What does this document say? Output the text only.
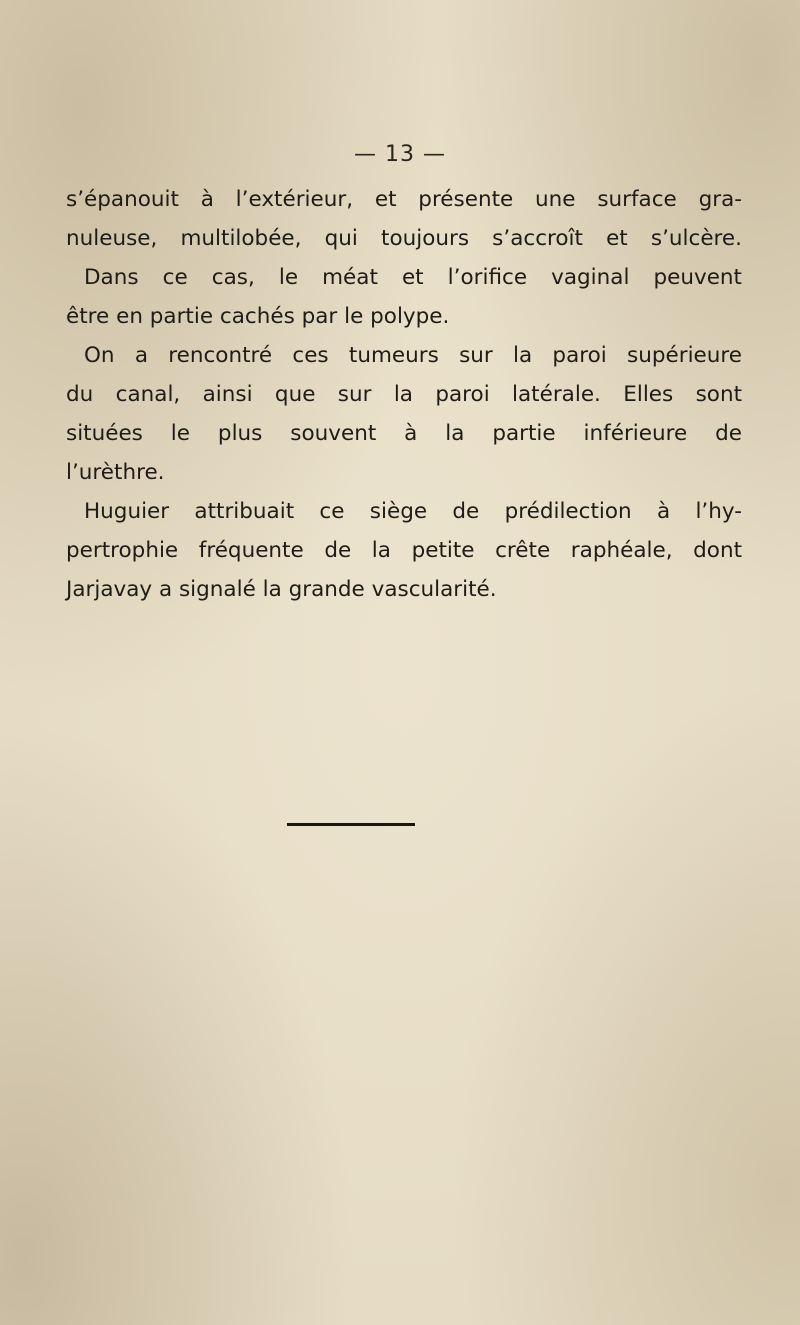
— 13 —
s’épanouit à l’extérieur, et présente une surface gra-
nuleuse, multilobée, qui toujours s’accroît et s’ulcère.
Dans ce cas, le méat et l’orifice vaginal peuvent
être en partie cachés par le polype.
On a rencontré ces tumeurs sur la paroi supérieure
du canal, ainsi que sur la paroi latérale. Elles sont
situées le plus souvent à la partie inférieure de
l’urèthre.
Huguier attribuait ce siège de prédilection à l’hy-
pertrophie fréquente de la petite crête raphéale, dont
Jarjavay a signalé la grande vascularité.
